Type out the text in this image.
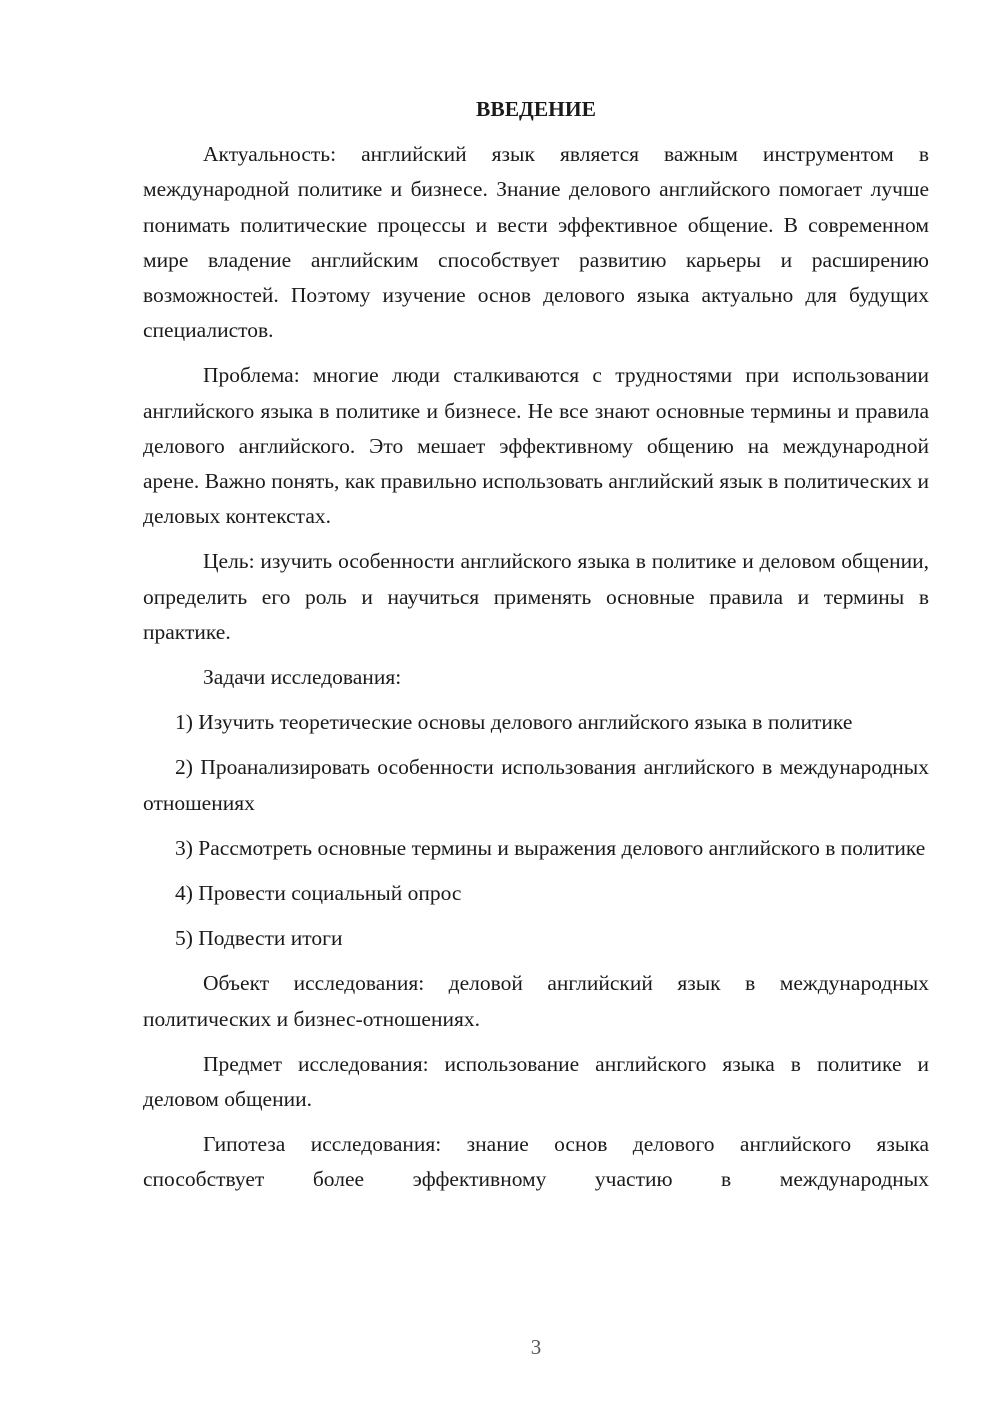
ВВЕДЕНИЕ

Актуальность: английский язык является важным инструментом в международной политике и бизнесе. Знание делового английского помогает лучше понимать политические процессы и вести эффективное общение. В современном мире владение английским способствует развитию карьеры и расширению возможностей. Поэтому изучение основ делового языка актуально для будущих специалистов.

Проблема: многие люди сталкиваются с трудностями при использовании английского языка в политике и бизнесе. Не все знают основные термины и правила делового английского. Это мешает эффективному общению на международной арене. Важно понять, как правильно использовать английский язык в политических и деловых контекстах.

Цель: изучить особенности английского языка в политике и деловом общении, определить его роль и научиться применять основные правила и термины в практике.

Задачи исследования:

1) Изучить теоретические основы делового английского языка в политике

2) Проанализировать особенности использования английского в международных отношениях

3) Рассмотреть основные термины и выражения делового английского в политике

4) Провести социальный опрос

5) Подвести итоги

Объект исследования: деловой английский язык в международных политических и бизнес-отношениях.

Предмет исследования: использование английского языка в политике и деловом общении.

Гипотеза исследования: знание основ делового английского языка способствует более эффективному участию в международных

3
